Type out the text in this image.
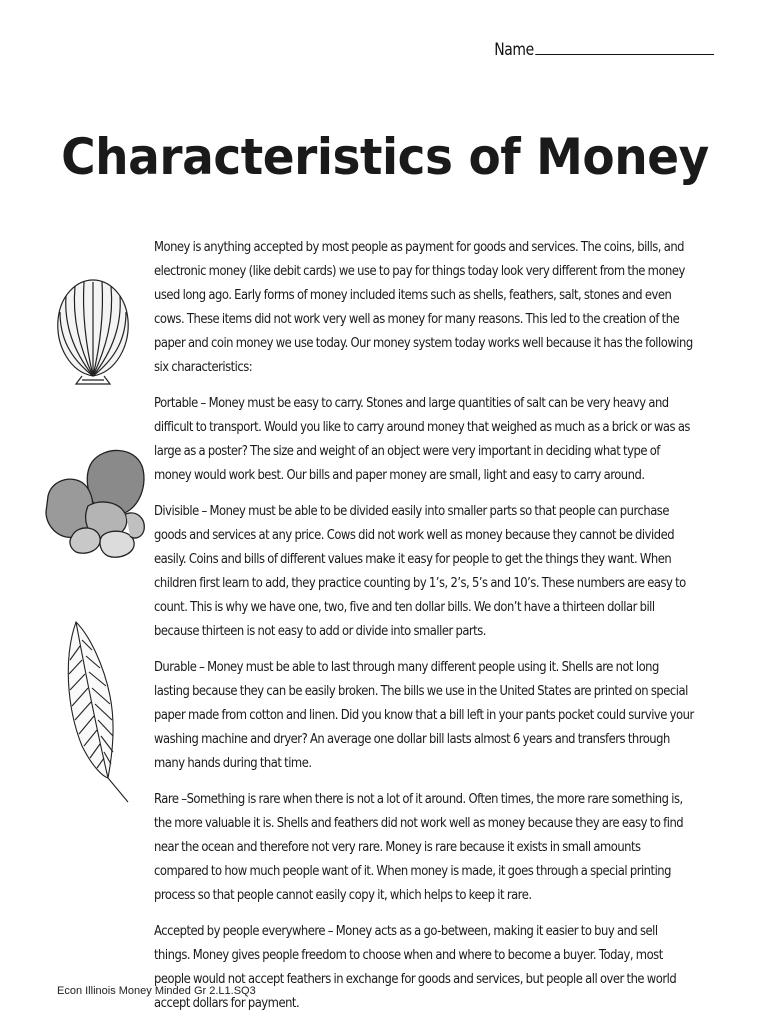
Name
Characteristics of Money

Money is anything accepted by most people as payment for goods and services. The coins, bills, and electronic money (like debit cards) we use to pay for things today look very different from the money used long ago. Early forms of money included items such as shells, feathers, salt, stones and even cows. These items did not work very well as money for many reasons. This led to the creation of the paper and coin money we use today. Our money system today works well because it has the following six characteristics:

Portable – Money must be easy to carry. Stones and large quantities of salt can be very heavy and difficult to transport. Would you like to carry around money that weighed as much as a brick or was as large as a poster? The size and weight of an object were very important in deciding what type of money would work best. Our bills and paper money are small, light and easy to carry around.

Divisible – Money must be able to be divided easily into smaller parts so that people can purchase goods and services at any price. Cows did not work well as money because they cannot be divided easily. Coins and bills of different values make it easy for people to get the things they want. When children first learn to add, they practice counting by 1’s, 2’s, 5’s and 10’s. These numbers are easy to count. This is why we have one, two, five and ten dollar bills. We don’t have a thirteen dollar bill because thirteen is not easy to add or divide into smaller parts.

Durable – Money must be able to last through many different people using it. Shells are not long lasting because they can be easily broken. The bills we use in the United States are printed on special paper made from cotton and linen. Did you know that a bill left in your pants pocket could survive your washing machine and dryer? An average one dollar bill lasts almost 6 years and transfers through many hands during that time.

Rare –Something is rare when there is not a lot of it around. Often times, the more rare something is, the more valuable it is. Shells and feathers did not work well as money because they are easy to find near the ocean and therefore not very rare. Money is rare because it exists in small amounts compared to how much people want of it. When money is made, it goes through a special printing process so that people cannot easily copy it, which helps to keep it rare.

Accepted by people everywhere – Money acts as a go-between, making it easier to buy and sell things. Money gives people freedom to choose when and where to become a buyer. Today, most people would not accept feathers in exchange for goods and services, but people all over the world accept dollars for payment.

Econ Illinois Money Minded Gr 2.L1.SQ3
